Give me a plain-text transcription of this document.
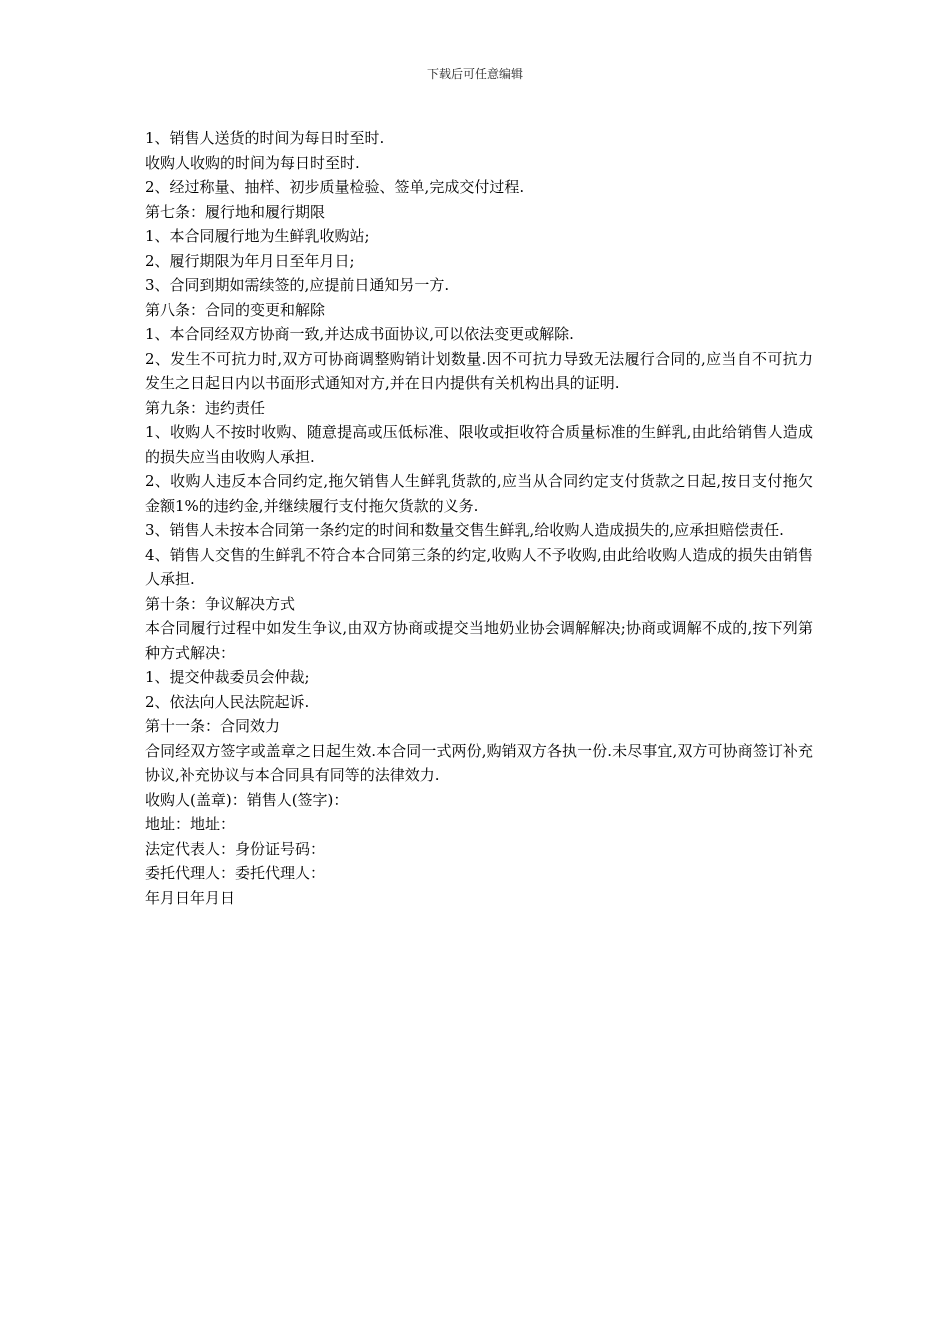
下载后可任意编辑

1、销售人送货的时间为每日时至时.

收购人收购的时间为每日时至时.

2、经过称量、抽样、初步质量检验、签单,完成交付过程.

第七条：履行地和履行期限

1、本合同履行地为生鲜乳收购站;

2、履行期限为年月日至年月日;

3、合同到期如需续签的,应提前日通知另一方.

第八条：合同的变更和解除

1、本合同经双方协商一致,并达成书面协议,可以依法变更或解除.

2、发生不可抗力时,双方可协商调整购销计划数量.因不可抗力导致无法履行合同的,应当自不可抗力发生之日起日内以书面形式通知对方,并在日内提供有关机构出具的证明.

第九条：违约责任

1、收购人不按时收购、随意提高或压低标准、限收或拒收符合质量标准的生鲜乳,由此给销售人造成的损失应当由收购人承担.

2、收购人违反本合同约定,拖欠销售人生鲜乳货款的,应当从合同约定支付货款之日起,按日支付拖欠金额1%的违约金,并继续履行支付拖欠货款的义务.

3、销售人未按本合同第一条约定的时间和数量交售生鲜乳,给收购人造成损失的,应承担赔偿责任.

4、销售人交售的生鲜乳不符合本合同第三条的约定,收购人不予收购,由此给收购人造成的损失由销售人承担.

第十条：争议解决方式

本合同履行过程中如发生争议,由双方协商或提交当地奶业协会调解解决;协商或调解不成的,按下列第种方式解决：

1、提交仲裁委员会仲裁;

2、依法向人民法院起诉.

第十一条：合同效力

合同经双方签字或盖章之日起生效.本合同一式两份,购销双方各执一份.未尽事宜,双方可协商签订补充协议,补充协议与本合同具有同等的法律效力.

收购人(盖章)：销售人(签字)：

地址：地址：

法定代表人：身份证号码：

委托代理人：委托代理人：

年月日年月日
